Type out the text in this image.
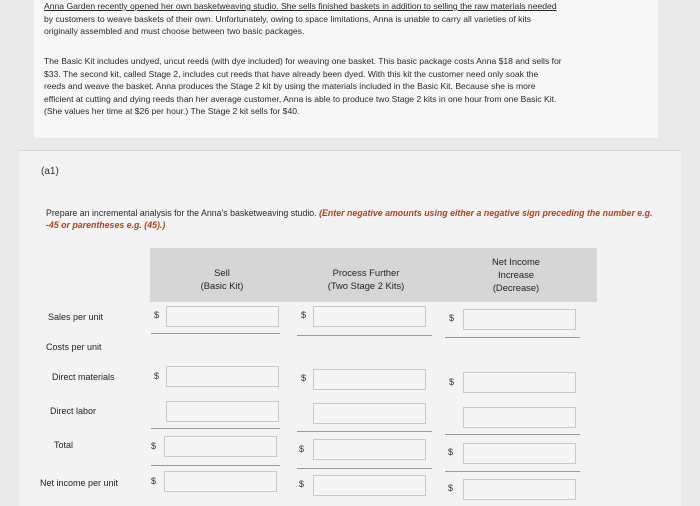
Anna Garden recently opened her own basketweaving studio. She sells finished baskets in addition to selling the raw materials needed
by customers to weave baskets of their own. Unfortunately, owing to space limitations, Anna is unable to carry all varieties of kits
originally assembled and must choose between two basic packages.

The Basic Kit includes undyed, uncut reeds (with dye included) for weaving one basket. This basic package costs Anna $18 and sells for
$33. The second kit, called Stage 2, includes cut reeds that have already been dyed. With this kit the customer need only soak the
reeds and weave the basket. Anna produces the Stage 2 kit by using the materials included in the Basic Kit. Because she is more
efficient at cutting and dying reeds than her average customer, Anna is able to produce two Stage 2 kits in one hour from one Basic Kit.
(She values her time at $26 per hour.) The Stage 2 kit sells for $40.

(a1)
Prepare an incremental analysis for the Anna's basketweaving studio. (Enter negative amounts using either a negative sign preceding the number e.g. -45 or parentheses e.g. (45).)
Sell
(Basic Kit)
Process Further
(Two Stage 2 Kits)
Net Income
Increase
(Decrease)
Sales per unit	$	$	$
Costs per unit
Direct materials	$	$	$
Direct labor
Total	$	$	$
Net income per unit	$	$	$
